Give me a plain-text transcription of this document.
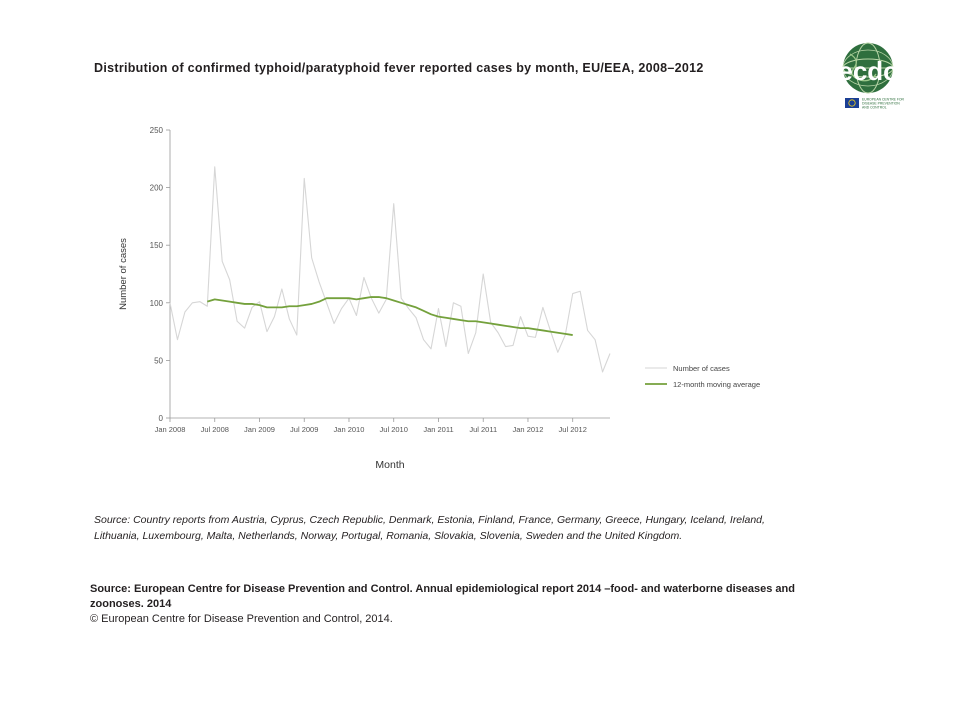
Distribution of confirmed typhoid/paratyphoid fever reported cases by month, EU/EEA, 2008–2012	ecdc
EUROPEAN CENTRE FOR
DISEASE PREVENTION
AND CONTROL
0
50
100
150
200
250
Jan 2008 Jul 2008 Jan 2009 Jul 2009 Jan 2010 Jul 2010 Jan 2011 Jul 2011 Jan 2012 Jul 2012
Month
Number of cases
Number of cases
12-month moving average
Source: Country reports from Austria, Cyprus, Czech Republic, Denmark, Estonia, Finland, France, Germany, Greece, Hungary, Iceland, Ireland, Lithuania, Luxembourg, Malta, Netherlands, Norway, Portugal, Romania, Slovakia, Slovenia, Sweden and the United Kingdom.
Source: European Centre for Disease Prevention and Control. Annual epidemiological report 2014 –food- and waterborne diseases and zoonoses. 2014
© European Centre for Disease Prevention and Control, 2014.
